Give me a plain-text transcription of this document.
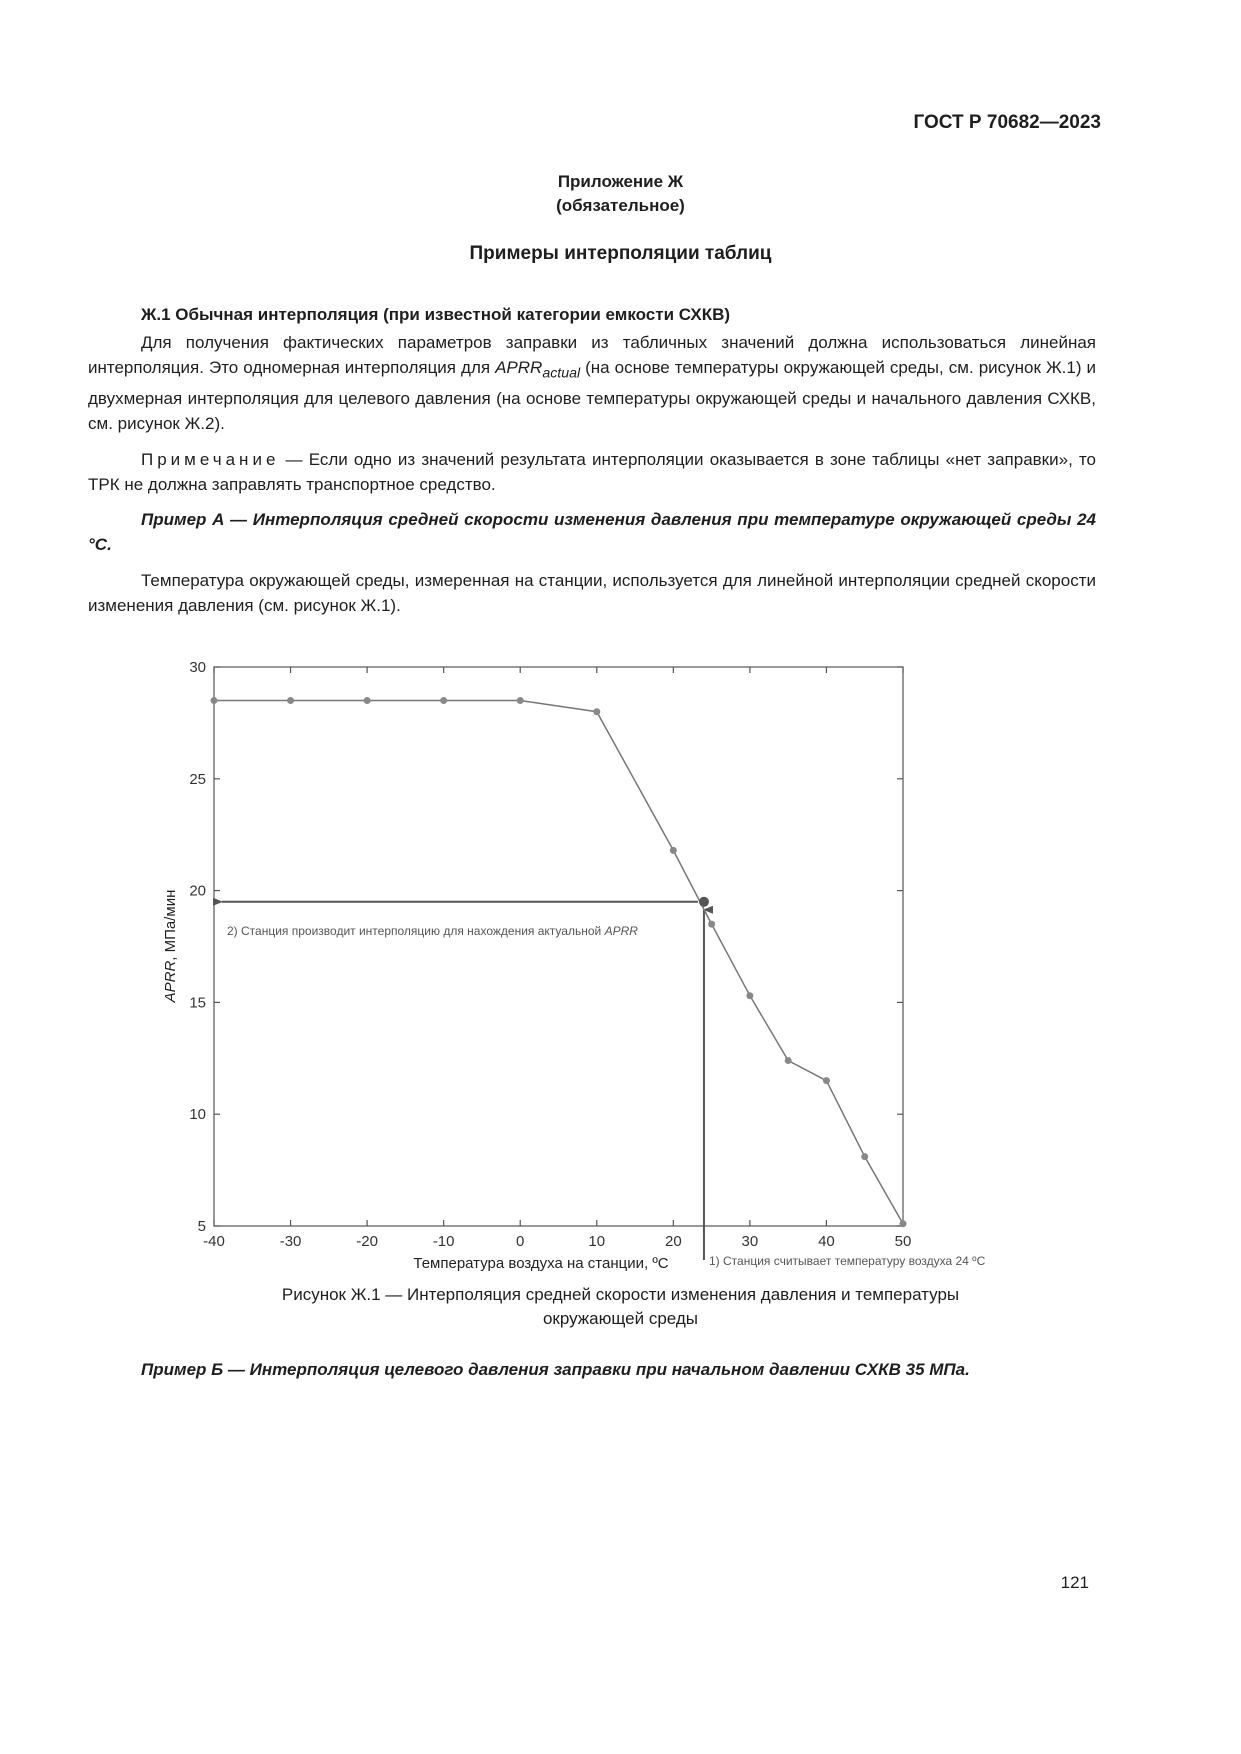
ГОСТ Р 70682—2023
Приложение Ж
(обязательное)
Примеры интерполяции таблиц
Ж.1 Обычная интерполяция (при известной категории емкости СХКВ)
Для получения фактических параметров заправки из табличных значений должна использоваться линейная интерполяция. Это одномерная интерполяция для $APRR_{actual}$ (на основе температуры окружающей среды, см. рисунок Ж.1) и двухмерная интерполяция для целевого давления (на основе температуры окружающей среды и начального давления СХКВ, см. рисунок Ж.2).
Примечание — Если одно из значений результата интерполяции оказывается в зоне таблицы «нет заправки», то ТРК не должна заправлять транспортное средство.
Пример А — Интерполяция средней скорости изменения давления при температуре окружающей среды 24 °С.
Температура окружающей среды, измеренная на станции, используется для линейной интерполяции средней скорости изменения давления (см. рисунок Ж.1).
-40	-30	-20	-10	0	10	20	30	40	50
5
10
15
20
25
30
2) Станция производит интерполяцию для нахождения актуальной APRR
1) Станция считывает температуру воздуха 24 ºС
Температура воздуха на станции, ºС
APRR, МПа/мин
Рисунок Ж.1 — Интерполяция средней скорости изменения давления и температуры
окружающей среды
Пример Б — Интерполяция целевого давления заправки при начальном давлении СХКВ 35 МПа.
121
